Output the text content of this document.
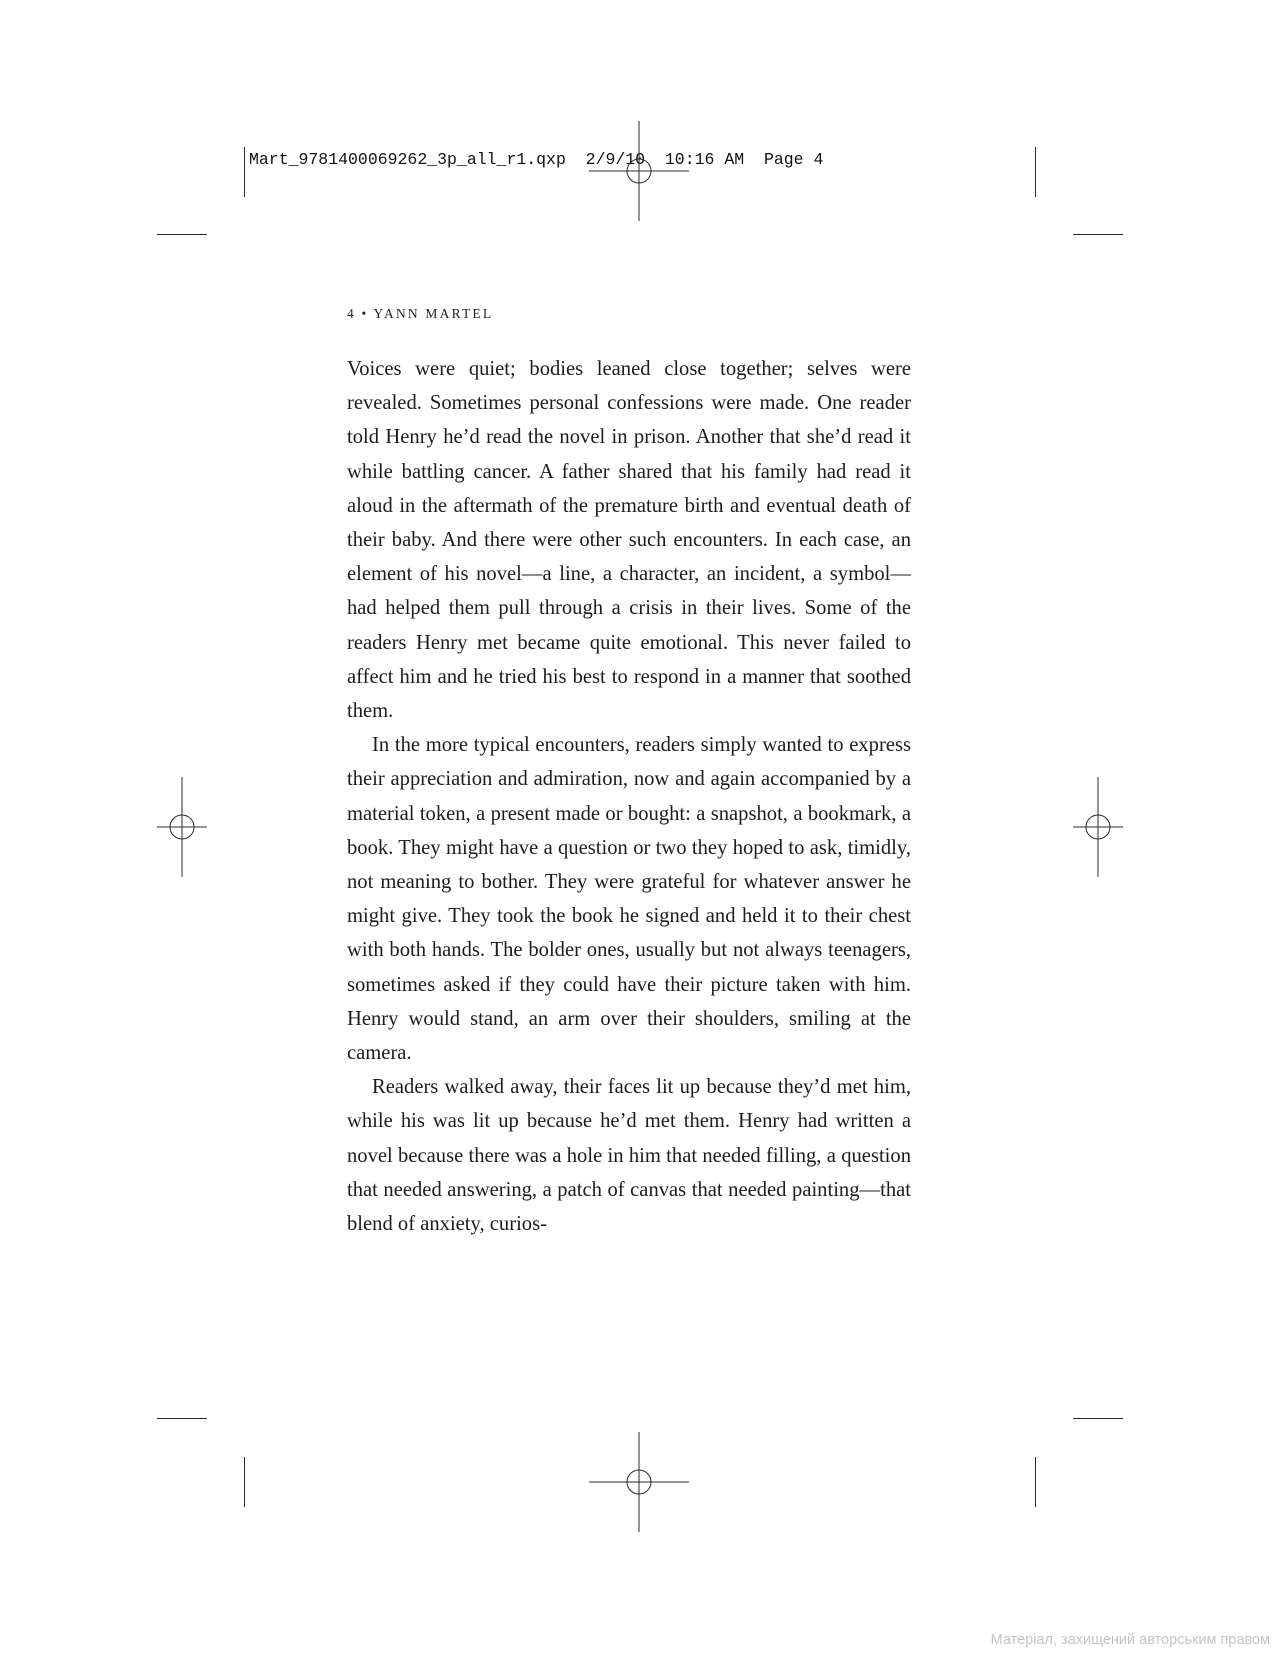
Mart_9781400069262_3p_all_r1.qxp 2/9/10 10:16 AM Page 4
4 • YANN MARTEL

Voices were quiet; bodies leaned close together; selves were revealed. Sometimes personal confessions were made. One reader told Henry he’d read the novel in prison. Another that she’d read it while battling cancer. A father shared that his family had read it aloud in the aftermath of the premature birth and eventual death of their baby. And there were other such encounters. In each case, an element of his novel—a line, a character, an incident, a symbol—had helped them pull through a crisis in their lives. Some of the readers Henry met became quite emotional. This never failed to affect him and he tried his best to respond in a manner that soothed them.

In the more typical encounters, readers simply wanted to express their appreciation and admiration, now and again accompanied by a material token, a present made or bought: a snapshot, a bookmark, a book. They might have a question or two they hoped to ask, timidly, not meaning to bother. They were grateful for whatever answer he might give. They took the book he signed and held it to their chest with both hands. The bolder ones, usually but not always teenagers, sometimes asked if they could have their picture taken with him. Henry would stand, an arm over their shoulders, smiling at the camera.

Readers walked away, their faces lit up because they’d met him, while his was lit up because he’d met them. Henry had written a novel because there was a hole in him that needed filling, a question that needed answering, a patch of canvas that needed painting—that blend of anxiety, curios-

Матеріал, захищений авторським правом
